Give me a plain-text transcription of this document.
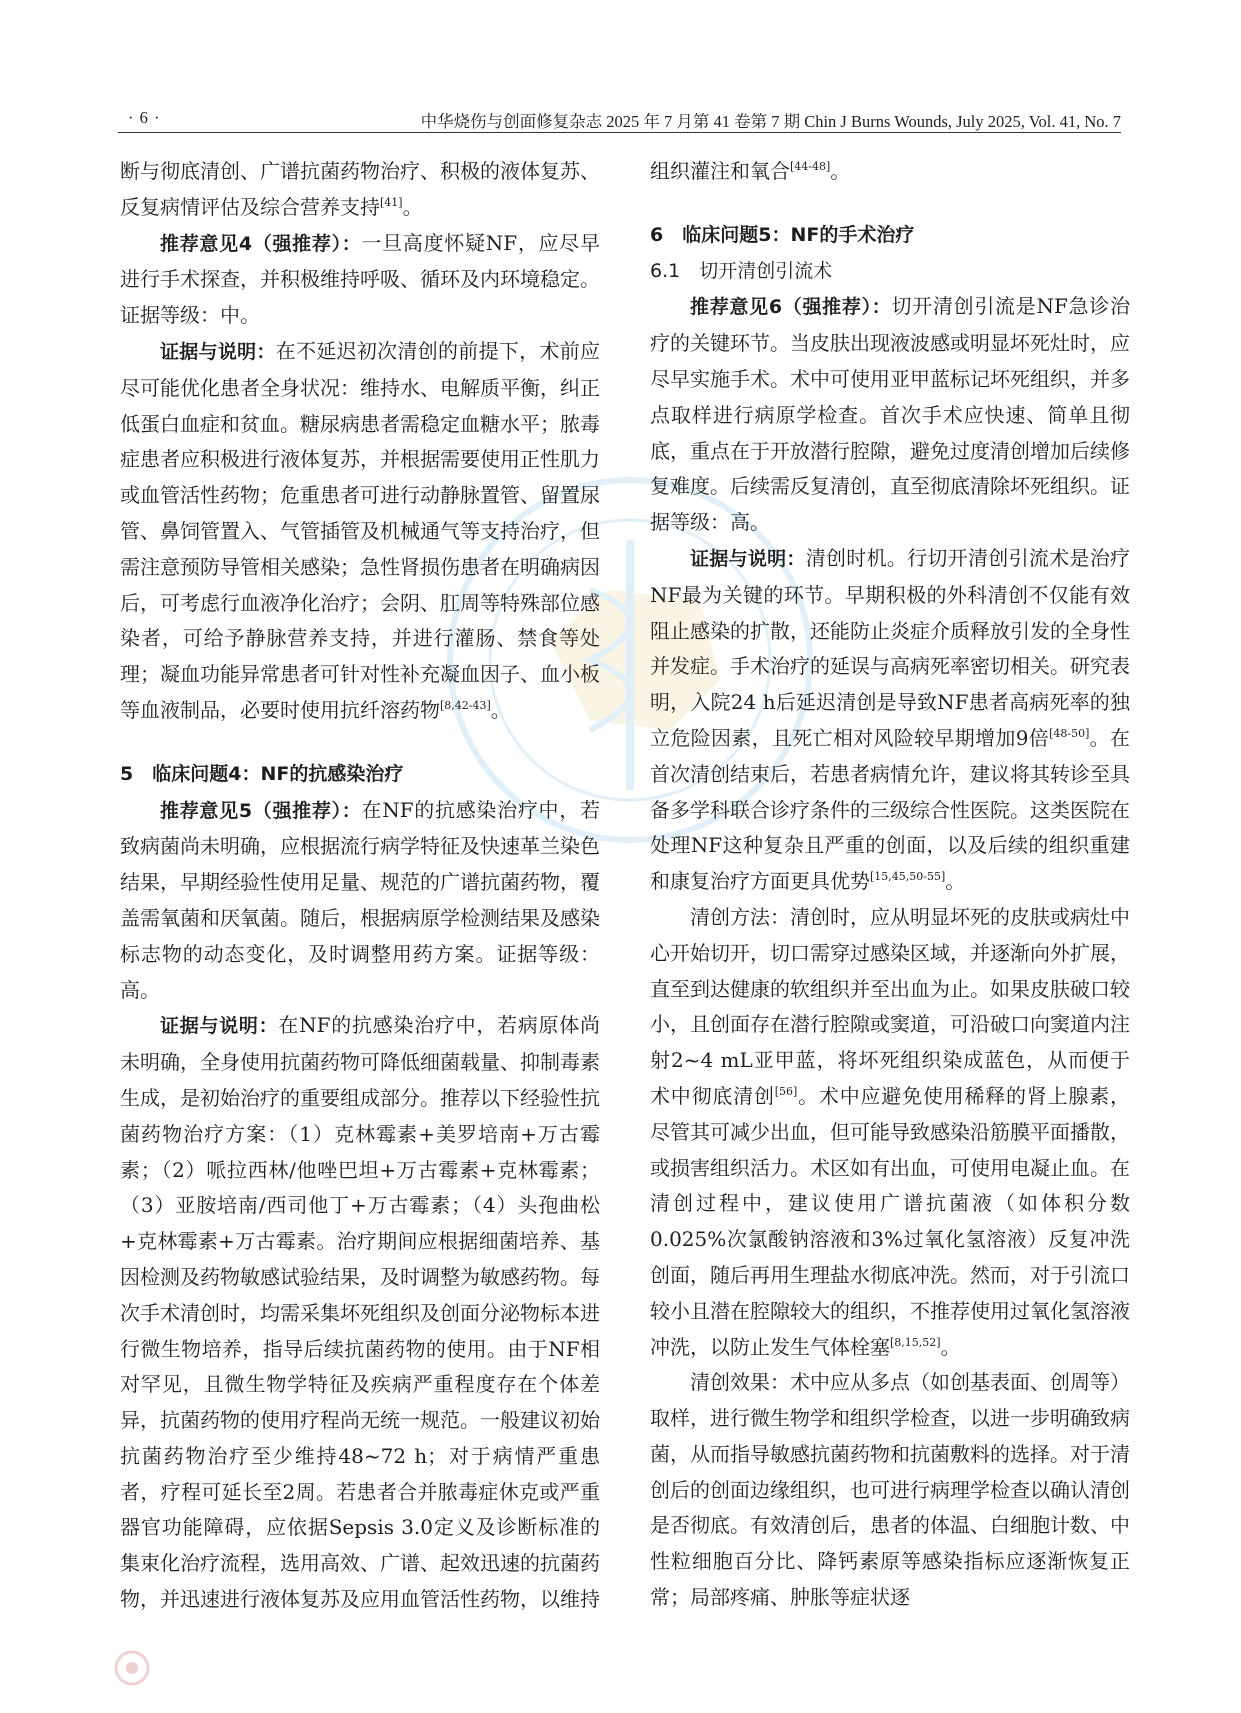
· 6 ·	中华烧伤与创面修复杂志 2025 年 7 月第 41 卷第 7 期 Chin J Burns Wounds, July 2025, Vol. 41, No. 7

断与彻底清创、广谱抗菌药物治疗、积极的液体复苏、反复病情评估及综合营养支持[41]。

推荐意见4（强推荐）：一旦高度怀疑NF，应尽早进行手术探查，并积极维持呼吸、循环及内环境稳定。证据等级：中。

证据与说明：在不延迟初次清创的前提下，术前应尽可能优化患者全身状况：维持水、电解质平衡，纠正低蛋白血症和贫血。糖尿病患者需稳定血糖水平；脓毒症患者应积极进行液体复苏，并根据需要使用正性肌力或血管活性药物；危重患者可进行动静脉置管、留置尿管、鼻饲管置入、气管插管及机械通气等支持治疗，但需注意预防导管相关感染；急性肾损伤患者在明确病因后，可考虑行血液净化治疗；会阴、肛周等特殊部位感染者，可给予静脉营养支持，并进行灌肠、禁食等处理；凝血功能异常患者可针对性补充凝血因子、血小板等血液制品，必要时使用抗纤溶药物[8,42-43]。

5　临床问题4：NF的抗感染治疗

推荐意见5（强推荐）：在NF的抗感染治疗中，若致病菌尚未明确，应根据流行病学特征及快速革兰染色结果，早期经验性使用足量、规范的广谱抗菌药物，覆盖需氧菌和厌氧菌。随后，根据病原学检测结果及感染标志物的动态变化，及时调整用药方案。证据等级：高。

证据与说明：在NF的抗感染治疗中，若病原体尚未明确，全身使用抗菌药物可降低细菌载量、抑制毒素生成，是初始治疗的重要组成部分。推荐以下经验性抗菌药物治疗方案：（1）克林霉素+美罗培南+万古霉素；（2）哌拉西林/他唑巴坦+万古霉素+克林霉素；（3）亚胺培南/西司他丁+万古霉素；（4）头孢曲松+克林霉素+万古霉素。治疗期间应根据细菌培养、基因检测及药物敏感试验结果，及时调整为敏感药物。每次手术清创时，均需采集坏死组织及创面分泌物标本进行微生物培养，指导后续抗菌药物的使用。由于NF相对罕见，且微生物学特征及疾病严重程度存在个体差异，抗菌药物的使用疗程尚无统一规范。一般建议初始抗菌药物治疗至少维持48~72 h；对于病情严重患者，疗程可延长至2周。若患者合并脓毒症休克或严重器官功能障碍，应依据Sepsis 3.0定义及诊断标准的集束化治疗流程，选用高效、广谱、起效迅速的抗菌药物，并迅速进行液体复苏及应用血管活性药物，以维持

组织灌注和氧合[44-48]。

6　临床问题5：NF的手术治疗

6.1　切开清创引流术

推荐意见6（强推荐）：切开清创引流是NF急诊治疗的关键环节。当皮肤出现液波感或明显坏死灶时，应尽早实施手术。术中可使用亚甲蓝标记坏死组织，并多点取样进行病原学检查。首次手术应快速、简单且彻底，重点在于开放潜行腔隙，避免过度清创增加后续修复难度。后续需反复清创，直至彻底清除坏死组织。证据等级：高。

证据与说明：清创时机。行切开清创引流术是治疗NF最为关键的环节。早期积极的外科清创不仅能有效阻止感染的扩散，还能防止炎症介质释放引发的全身性并发症。手术治疗的延误与高病死率密切相关。研究表明，入院24 h后延迟清创是导致NF患者高病死率的独立危险因素，且死亡相对风险较早期增加9倍[48-50]。在首次清创结束后，若患者病情允许，建议将其转诊至具备多学科联合诊疗条件的三级综合性医院。这类医院在处理NF这种复杂且严重的创面，以及后续的组织重建和康复治疗方面更具优势[15,45,50-55]。

清创方法：清创时，应从明显坏死的皮肤或病灶中心开始切开，切口需穿过感染区域，并逐渐向外扩展，直至到达健康的软组织并至出血为止。如果皮肤破口较小，且创面存在潜行腔隙或窦道，可沿破口向窦道内注射2~4 mL亚甲蓝，将坏死组织染成蓝色，从而便于术中彻底清创[56]。术中应避免使用稀释的肾上腺素，尽管其可减少出血，但可能导致感染沿筋膜平面播散，或损害组织活力。术区如有出血，可使用电凝止血。在清创过程中，建议使用广谱抗菌液（如体积分数0.025%次氯酸钠溶液和3%过氧化氢溶液）反复冲洗创面，随后再用生理盐水彻底冲洗。然而，对于引流口较小且潜在腔隙较大的组织，不推荐使用过氧化氢溶液冲洗，以防止发生气体栓塞[8,15,52]。

清创效果：术中应从多点（如创基表面、创周等）取样，进行微生物学和组织学检查，以进一步明确致病菌，从而指导敏感抗菌药物和抗菌敷料的选择。对于清创后的创面边缘组织，也可进行病理学检查以确认清创是否彻底。有效清创后，患者的体温、白细胞计数、中性粒细胞百分比、降钙素原等感染指标应逐渐恢复正常；局部疼痛、肿胀等症状逐
